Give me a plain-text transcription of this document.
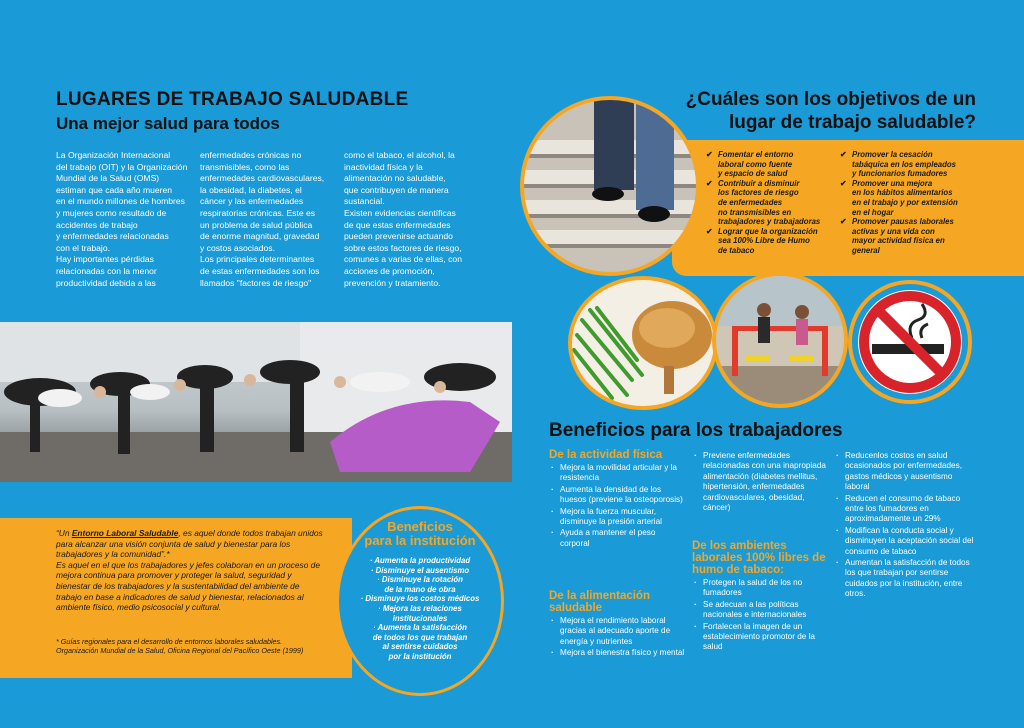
LUGARES DE TRABAJO SALUDABLE
Una mejor salud para todos
La Organización Internacional
del trabajo (OIT) y la Organización
Mundial de la Salud (OMS)
estiman que cada año mueren
en el mundo millones de hombres
y mujeres como resultado de
accidentes de trabajo
y enfermedades relacionadas
con el trabajo.
Hay importantes pérdidas
relacionadas con la menor
productividad debida a las
enfermedades crónicas no
transmisibles, como las
enfermedades cardiovasculares,
la obesidad, la diabetes, el
cáncer y las enfermedades
respiratorias crónicas. Este es
un problema de salud pública
de enorme magnitud, gravedad
y costos asociados.
Los principales determinantes
de estas enfermedades son los
llamados "factores de riesgo"
como el tabaco, el alcohol, la
inactividad física y la
alimentación no saludable,
que contribuyen de manera
sustancial.
Existen evidencias científicas
de que estas enfermedades
pueden prevenirse actuando
sobre estos factores de riesgo,
comunes a varias de ellas, con
acciones de promoción,
prevención y tratamiento.
“Un Entorno Laboral Saludable, es aquel donde todos trabajan unidos para alcanzar una visión conjunta de salud y bienestar para los trabajadores y la comunidad”.*
Es aquel en el que los trabajadores y jefes colaboran en un proceso de mejora continua para promover y proteger la salud, seguridad y bienestar de los trabajadores y la sustentabilidad del ambiente de trabajo en base a indicadores de salud y bienestar, relacionados al ambiente físico, medio psicosocial y cultural.
* Guías regionales para el desarrollo de entornos laborales saludables. Organización Mundial de la Salud, Oficina Regional del Pacífico Oeste (1999)
Beneficios
para la institución
· Aumenta la productividad
· Disminuye el ausentismo
· Disminuye la rotación
de la mano de obra
· Disminuye los costos médicos
· Mejora las relaciones
institucionales
· Aumenta la satisfacción
de todos los que trabajan
al sentirse cuidados
por la institución
¿Cuáles son los objetivos de un
lugar de trabajo saludable?
✔ Fomentar el entorno
laboral como fuente
y espacio de salud
✔ Contribuir a disminuir
los factores de riesgo
de enfermedades
no transmisibles en
trabajadores y trabajadoras
✔ Lograr que la organización
sea 100% Libre de Humo
de tabaco
✔ Promover la cesación
tabáquica en los empleados
y funcionarios fumadores
✔ Promover una mejora
en los hábitos alimentarios
en el trabajo y por extensión
en el hogar
✔ Promover pausas laborales
activas y una vida con
mayor actividad física en
general
Beneficios para los trabajadores
De la actividad física
· Mejora la movilidad articular y la resistencia
· Aumenta la densidad de los huesos (previene la osteoporosis)
· Mejora la fuerza muscular, disminuye la presión arterial
· Ayuda a mantener el peso corporal
De la alimentación saludable
· Mejora el rendimiento laboral gracias al adecuado aporte de energía y nutrientes
· Mejora el bienestra físico y mental
· Previene enfermedades relacionadas con una inapropiada alimentación (diabetes mellitus, hipertensión, enfermedades cardiovasculares, obesidad, cáncer)
De los ambientes laborales 100% libres de humo de tabaco:
· Protegen la salud de los no fumadores
· Se adecuan a las políticas nacionales e internacionales
· Fortalecen la imagen de un establecimiento promotor de la salud
· Reducenlos costos en salud ocasionados por enfermedades, gastos médicos y ausentismo laboral
· Reducen el consumo de tabaco entre los fumadores en aproximadamente un 29%
· Modifican la conducta social y disminuyen la aceptación social del consumo de tabaco
· Aumentan la satisfacción de todos los que trabajan por sentirse cuidados por la institución, entre otros.
